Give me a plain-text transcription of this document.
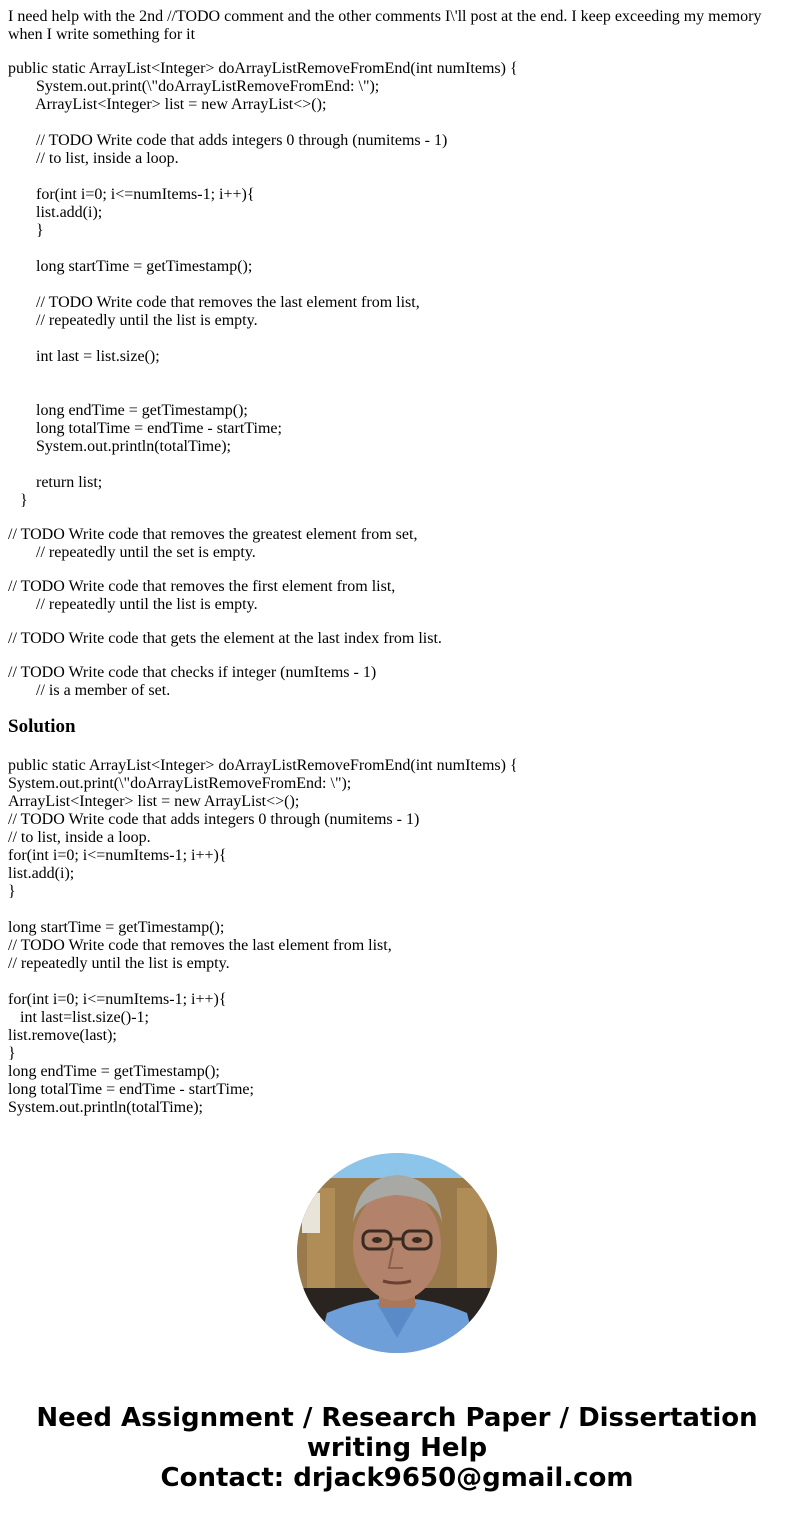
I need help with the 2nd //TODO comment and the other comments I\'ll post at the end. I keep exceeding my memory when I write something for it

public static ArrayList<Integer> doArrayListRemoveFromEnd(int numItems) {
System.out.print(\"doArrayListRemoveFromEnd: \");
ArrayList<Integer> list = new ArrayList<>();
// TODO Write code that adds integers 0 through (numitems - 1)
// to list, inside a loop.
for(int i=0; i<=numItems-1; i++){
list.add(i);
}
long startTime = getTimestamp();
// TODO Write code that removes the last element from list,
// repeatedly until the list is empty.
int last = list.size();
long endTime = getTimestamp();
long totalTime = endTime - startTime;
System.out.println(totalTime);
return list;
}
// TODO Write code that removes the greatest element from set,
// repeatedly until the set is empty.
// TODO Write code that removes the first element from list,
// repeatedly until the list is empty.
// TODO Write code that gets the element at the last index from list.
// TODO Write code that checks if integer (numItems - 1)
// is a member of set.
Solution
public static ArrayList<Integer> doArrayListRemoveFromEnd(int numItems) {
System.out.print(\"doArrayListRemoveFromEnd: \");
ArrayList<Integer> list = new ArrayList<>();
// TODO Write code that adds integers 0 through (numitems - 1)
// to list, inside a loop.
for(int i=0; i<=numItems-1; i++){
list.add(i);
}
long startTime = getTimestamp();
// TODO Write code that removes the last element from list,
// repeatedly until the list is empty.
for(int i=0; i<=numItems-1; i++){
int last=list.size()-1;
list.remove(last);
}
long endTime = getTimestamp();
long totalTime = endTime - startTime;
System.out.println(totalTime);
Need Assignment / Research Paper / Dissertation
writing Help
Contact: drjack9650@gmail.com
